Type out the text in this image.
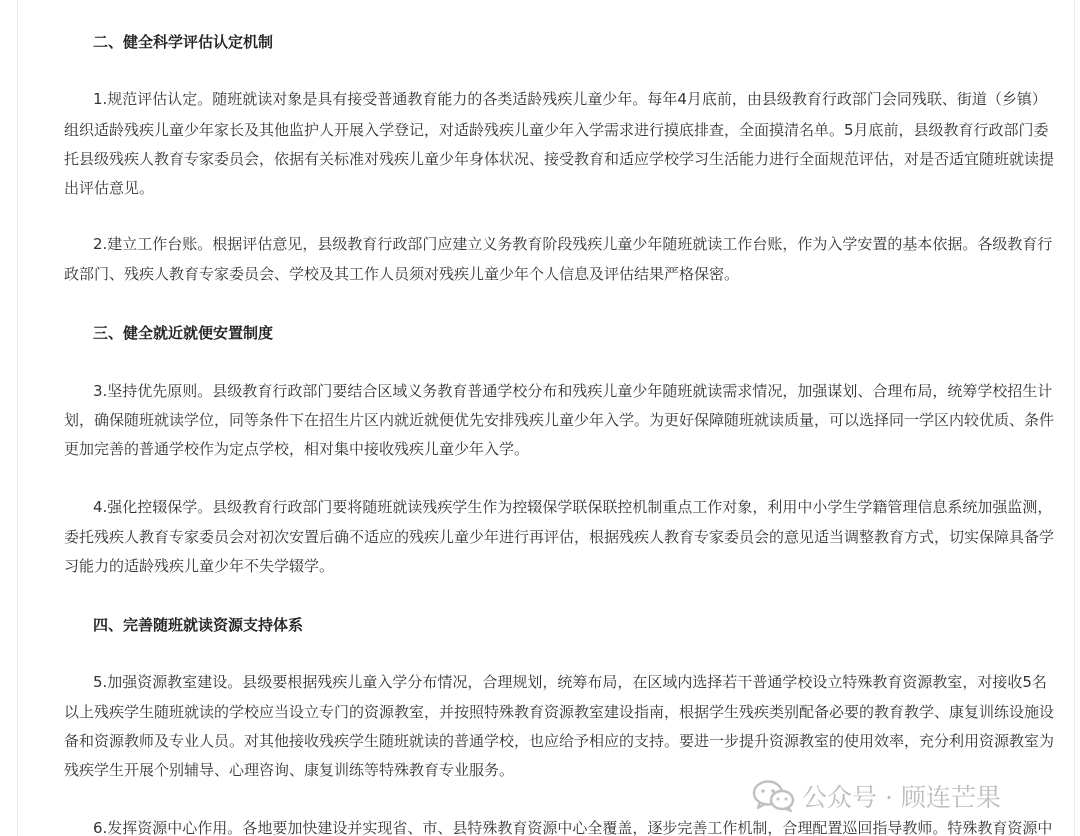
二、健全科学评估认定机制
1.规范评估认定。随班就读对象是具有接受普通教育能力的各类适龄残疾儿童少年。每年4月底前，由县级教育行政部门会同残联、街道（乡镇）
组织适龄残疾儿童少年家长及其他监护人开展入学登记，对适龄残疾儿童少年入学需求进行摸底排查，全面摸清名单。5月底前，县级教育行政部门委
托县级残疾人教育专家委员会，依据有关标准对残疾儿童少年身体状况、接受教育和适应学校学习生活能力进行全面规范评估，对是否适宜随班就读提
出评估意见。
2.建立工作台账。根据评估意见，县级教育行政部门应建立义务教育阶段残疾儿童少年随班就读工作台账，作为入学安置的基本依据。各级教育行
政部门、残疾人教育专家委员会、学校及其工作人员须对残疾儿童少年个人信息及评估结果严格保密。
三、健全就近就便安置制度
3.坚持优先原则。县级教育行政部门要结合区域义务教育普通学校分布和残疾儿童少年随班就读需求情况，加强谋划、合理布局，统筹学校招生计
划，确保随班就读学位，同等条件下在招生片区内就近就便优先安排残疾儿童少年入学。为更好保障随班就读质量，可以选择同一学区内较优质、条件
更加完善的普通学校作为定点学校，相对集中接收残疾儿童少年入学。
4.强化控辍保学。县级教育行政部门要将随班就读残疾学生作为控辍保学联保联控机制重点工作对象，利用中小学生学籍管理信息系统加强监测，
委托残疾人教育专家委员会对初次安置后确不适应的残疾儿童少年进行再评估，根据残疾人教育专家委员会的意见适当调整教育方式，切实保障具备学
习能力的适龄残疾儿童少年不失学辍学。
四、完善随班就读资源支持体系
5.加强资源教室建设。县级要根据残疾儿童入学分布情况，合理规划，统筹布局，在区域内选择若干普通学校设立特殊教育资源教室，对接收5名
以上残疾学生随班就读的学校应当设立专门的资源教室，并按照特殊教育资源教室建设指南，根据学生残疾类别配备必要的教育教学、康复训练设施设
备和资源教师及专业人员。对其他接收残疾学生随班就读的普通学校，也应给予相应的支持。要进一步提升资源教室的使用效率，充分利用资源教室为
残疾学生开展个别辅导、心理咨询、康复训练等特殊教育专业服务。
6.发挥资源中心作用。各地要加快建设并实现省、市、县特殊教育资源中心全覆盖，逐步完善工作机制，合理配置巡回指导教师。特殊教育资源中
公众号 · 顾连芒果
